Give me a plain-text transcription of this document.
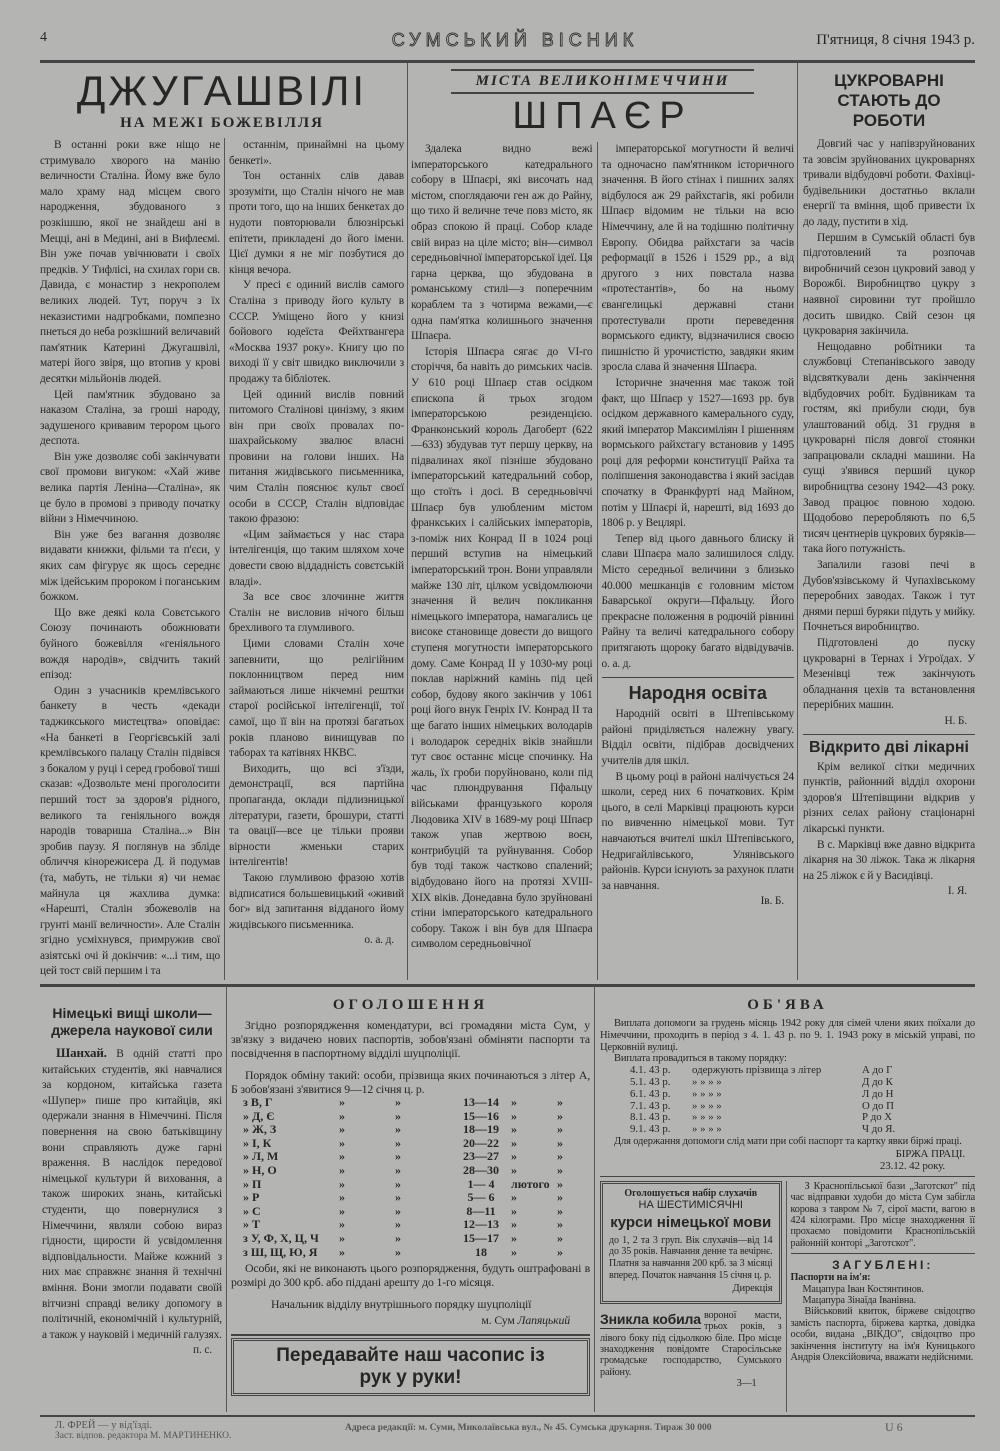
4	СУМСЬКИЙ ВІСНИК	П'ятниця, 8 січня 1943 р.
ДЖУГАШВІЛІ
НА МЕЖІ БОЖЕВІЛЛЯ

В останні роки вже ніщо не стримувало хворого на манію величности Сталіна. Йому вже було мало храму над місцем свого народження, збудованого з розкішшю, якої не знайдеш ані в Мецці, ані в Медині, ані в Вифлеємі. Він уже почав увічнювати і своїх предків. У Тифлісі, на схилах гори св. Давида, є монастир з некрополем великих людей. Тут, поруч з їх неказистими надгробками, помпезно пнеться до неба розкішний величавий пам'ятник Катерині Джугашвілі, матері його звіря, що втопив у крові десятки мільйонів людей.

Цей пам'ятник збудовано за наказом Сталіна, за гроші народу, задушеного кривавим терором цього деспота.

Він уже дозволяє собі закінчувати свої промови вигуком: «Хай живе велика партія Леніна—Сталіна», як це було в промові з приводу початку війни з Німеччиною.

Він уже без вагання дозволяє видавати книжки, фільми та п'єси, у яких сам фігурує як щось середнє між ідейським пророком і поганським божком.

Що вже деякі кола Совєтського Союзу починають обожнювати буйного божевілля «геніяльного вождя народів», свідчить такий епізод:

Один з учасників кремлівського банкету в честь «декади таджикського мистецтва» оповідає: «На банкеті в Георгієвській залі кремлівського палацу Сталін підвівся з бокалом у руці і серед гробової тиші сказав: «Дозвольте мені проголосити перший тост за здоров'я рідного, великого та геніяльного вождя народів товариша Сталіна...» Він зробив паузу. Я поглянув на збліде обличчя кінорежисера Д. й подумав (та, мабуть, не тільки я) чи немає майнула ця жахлива думка: «Нарешті, Сталін збожеволів на грунті манії величности». Але Сталін згідно усміхнувся, примружив свої азіятські очі й докінчив: «...і тим, що цей тост свій першим і та

останнім, принаймні на цьому бенкеті».

Тон останніх слів давав зрозуміти, що Сталін нічого не мав проти того, що на інших бенкетах до нудоти повторювали блюзнірські епітети, прикладені до його імени. Цієї думки я не міг позбутися до кінця вечора.

У пресі є одиний вислів самого Сталіна з приводу його культу в СССР. Уміщено його у книзі бойового юдеїста Фейхтвангера «Москва 1937 року». Книгу цю по виході її у світ швидко виключили з продажу та бібліотек.

Цей одиний вислів повний питомого Сталінові цинізму, з яким він при своїх провалах по-шахрайському звалює власні провини на голови інших. На питання жидівського письменника, чим Сталін пояснює культ своєї особи в СССР, Сталін відповідає такою фразою:

«Цим займається у нас стара інтелігенція, що таким шляхом хоче довести свою віддадність совєтській владі».

За все своє злочинне життя Сталін не висловив нічого більш брехливого та глумливого.

Цими словами Сталін хоче запевнити, що релігійним поклонництвом перед ним займаються лише нікчемні рештки старої російської інтелігенції, тої самої, що її він на протязі багатьох років планово винищував по таборах та катівнях НКВС.

Виходить, що всі з'їзди, демонстрації, вся партійна пропаганда, оклади підлизницької літератури, газети, брошури, статті та овації—все це тільки прояви вірности жменьки старих інтелігентів!

Такою глумливою фразою хотів відписатися большевицький «живий бог» від запитання відданого йому жидівського письменника.

о. а. д.
МІСТА ВЕЛИКОНІМЕЧЧИНИ
ШПАЄР

Здалека видно вежі імператорського катедрального собору в Шпаєрі, які височать над містом, споглядаючи ген аж до Райну, що тихо й величне тече повз місто, як образ спокою й праці. Собор кладе свій вираз на ціле місто; він—символ середньовічної імператорської ідеї. Ця гарна церква, що збудована в романському стилі—з поперечним кораблем та з чотирма вежами,—є одна пам'ятка колишнього значення Шпаєра.

Історія Шпаєра сягає до VI-го сторіччя, ба навіть до римських часів. У 610 році Шпаєр став осідком єпископа й трьох згодом імператорською резиденцією. Франконський король Дагоберт (622—633) збудував тут першу церкву, на підвалинах якої пізніше збудовано імператорський катедральний собор, що стоїть і досі. В середньовіччі Шпаєр був улюбленим містом франкських і салійських імператорів, з-поміж них Конрад II в 1024 році перший вступив на німецький імператорський трон. Вони управляли майже 130 літ, цілком усвідомлюючи значення й велич покликання німецького імператора, намагались це високе становище довести до вищого ступеня могутности імператорського дому. Саме Конрад II у 1030-му році поклав наріжний камінь під цей собор, будову якого закінчив у 1061 році його внук Генріх IV. Конрад II та ще багато інших німецьких володарів і володарок середніх віків знайшли тут своє останнє місце спочинку. На жаль, їх гроби поруйновано, коли під час плюндрування Пфальцу військами французького короля Людовика XIV в 1689-му році Шпаєр також упав жертвою воєн, контрибуцій та руйнування. Собор був тоді також частково спалений; відбудовано його на протязі XVIII-XIX віків. Донедавна було зруйновані стіни імператорського катедрального собору. Також і він був для Шпаєра символом середньовічної

імператорської могутности й величі та одночасно пам'ятником історичного значення. В його стінах і пишних залях відбулося аж 29 райхстагів, які робили Шпаєр відомим не тільки на всю Німеччину, але й на тодішню політичну Европу. Обидва райхстаги за часів реформації в 1526 і 1529 рр., а від другого з них повстала назва «протестантів», бо на ньому євангелицькі державні стани протестували проти переведення вормського едикту, відзначилися своєю пишністю й урочистістю, завдяки яким зросла слава й значення Шпаєра.

Історичне значення має також той факт, що Шпаєр у 1527—1693 рр. був осідком державного камерального суду, який імператор Максиміліян I рішенням вормського райхстагу встановив у 1495 році для реформи конституції Райха та поліпшення законодавства і який засідав спочатку в Франкфурті над Майном, потім у Шпаєрі й, нарешті, від 1693 до 1806 р. у Вецлярі.

Тепер від цього давнього блиску й слави Шпаєра мало залишилося сліду. Місто середньої величини з близько 40.000 мешканців є головним містом Баварської округи—Пфальцу. Його прекрасне положення в родючій рівнині Райну та величі катедрального собору притягають щороку багато відвідувачів. о. а. д.

Народня освіта

Народній освіті в Штепівському районі приділяється належну увагу. Відділ освіти, підібрав досвідчених учителів для шкіл.

В цьому році в районі налічується 24 школи, серед них 6 початкових. Крім цього, в селі Марківці працюють курси по вивченню німецької мови. Тут навчаються вчителі шкіл Штепівського, Недригайлівського, Улянівського районів. Курси існують за рахунок плати за навчання.

Ів. Б.
ЦУКРОВАРНІ СТАЮТЬ ДО РОБОТИ

Довгий час у напівзруйнованих та зовсім зруйнованих цукроварнях тривали відбудовчі роботи. Фахівці-будівельники достатньо вклали енергії та вміння, щоб привести їх до ладу, пустити в хід.

Першим в Сумській області був підготовлений та розпочав виробничий сезон цукровий завод у Ворожбі. Виробництво цукру з наявної сировини тут пройшло досить швидко. Свій сезон ця цукроварня закінчила.

Нещодавно робітники та службовці Степанівського заводу відсвяткували день закінчення відбудовчих робіт. Будівникам та гостям, які прибули сюди, був улаштований обід. 31 грудня в цукроварні після довгої стоянки запрацювали складні машини. На сущі з'явився перший цукор виробництва сезону 1942—43 року. Завод працює повною ходою. Щодобово переробляють по 6,5 тисяч центнерів цукрових буряків—така його потужність.

Запалили газові печі в Дубов'язівському й Чупахівському переробних заводах. Також і тут днями перші буряки підуть у мийку. Почнеться виробництво.

Підготовлені до пуску цукроварні в Тернах і Угроїдах. У Мезенівці теж закінчують обладнання цехів та встановлення перерібних машин.

Н. Б.
Відкрито дві лікарні

Крім великої сітки медичних пунктів, районний відділ охорони здоров'я Штепівщини відкрив у різних селах району стаціонарні лікарські пункти.

В с. Марківці вже давно відкрита лікарня на 30 ліжок. Така ж лікарня на 25 ліжок є й у Васидівці.

І. Я.
Німецькі вищі школи—джерела наукової сили

Шанхай. В одній статті про китайських студентів, які навчалися за кордоном, китайська газета «Шупер» пише про китайців, які одержали знання в Німеччині. Після повернення на свою батьківщину вони справляють дуже гарні враження. В наслідок передової німецької культури й виховання, а також широких знань, китайські студенти, що повернулися з Німеччини, являли собою вираз гідности, щирости й усвідомлення відповідальности. Майже кожний з них має справжнє знання й технічні вміння. Вони змогли подавати своїй вітчизні справді велику допомогу в політичній, економічній і культурній, а також у науковій і медичній галузях.

п. с.
ОГОЛОШЕННЯ

Згідно розпорядження комендатури, всі громадяни міста Сум, у зв'язку з видачею нових паспортів, зобов'язані обміняти паспорти та посвідчення в паспортному відділі шуцполіції.

Порядок обміну такий: особи, прізвища яких починаються з літер А, Б зобов'язані з'явитися 9—12 січня ц. р.

з В, Г	»	»	13—14	»	»
» Д, Є	»	»	15—16	»	»
» Ж, З	»	»	18—19	»	»
» І, К	»	»	20—22	»	»
» Л, М	»	»	23—27	»	»
» Н, О	»	»	28—30	»	»
» П	»	»	1— 4	лютого »
» Р	»	»	5— 6	»	»
» С	»	»	8—11	»	»
» Т	»	»	12—13	»	»
з У, Ф, Х, Ц, Ч	»	»	15—17	»	»
з Ш, Щ, Ю, Я	»	»	18	»	»

Особи, які не виконають цього розпорядження, будуть оштрафовані в розмірі до 300 крб. або піддані арешту до 1-го місяця.

Начальник відділу внутрішнього порядку шуцполіції
м. Сум Лапяцький
Передавайте наш часопис із рук у руки!
ОБ'ЯВА

Виплата допомоги за грудень місяць 1942 року для сімей члени яких поїхали до Німеччини, проходить в період з 4. 1. 43 р. по 9. 1. 1943 року в міській управі, по Церковній вулиці.

Виплата провадиться в такому порядку:

4.1. 43 р.	одержують прізвища з літер	А до Г
5.1. 43 р.	» » » »	Д до К
6.1. 43 р.	» » » »	Л до Н
7.1. 43 р.	» » » »	О до П
8.1. 43 р.	» » » »	Р до Х
9.1. 43 р.	» » » »	Ч до Я.

Для одержання допомоги слід мати при собі паспорт та картку явки біржі праці.

БІРЖА ПРАЦІ.
23.12. 42 року.
Оголошується набір слухачів
НА ШЕСТИМІСЯЧНІ
курси німецької мови
до 1, 2 та 3 груп. Вік слухачів—від 14 до 35 років. Навчання денне та вечірнє. Платня за навчання 200 крб. за 3 місяці вперед. Початок навчання 15 січня ц. р.
Дирекція
Зникла кобила вороної масти, трьох років, з лівого боку під сідьолкою біле. Про місце знаходження повідомте Старосільське громадське господарство, Сумського району.
3—1

З Краснопільської бази „Заготскот" під час відправки худоби до міста Сум забігла корова з тавром № 7, сірої масти, вагою в 424 кілограми. Про місце знаходження її прохаємо повідомити Краснопільській районній конторі „Заготскот".

ЗАГУБЛЕНІ:
Паспорти на ім'я:
Мацапура Іван Костянтинов.
Мацапура Зінаїда Іванівна.

Військовий квиток, біржеве свідоцтво замість паспорта, біржева картка, довідка особи, видана „ВІКДО", свідоцтво про закінчення інституту на ім'я Куницького Андрія Олексійовича, вважати недійсними.

Л. ФРЕЙ — у від'їзді.
Заст. відпов. редактора М. МАРТИНЕНКО.
Адреса редакції: м. Суми, Миколаївська вул., № 45. Сумська друкарня. Тираж 30 000	U 6
